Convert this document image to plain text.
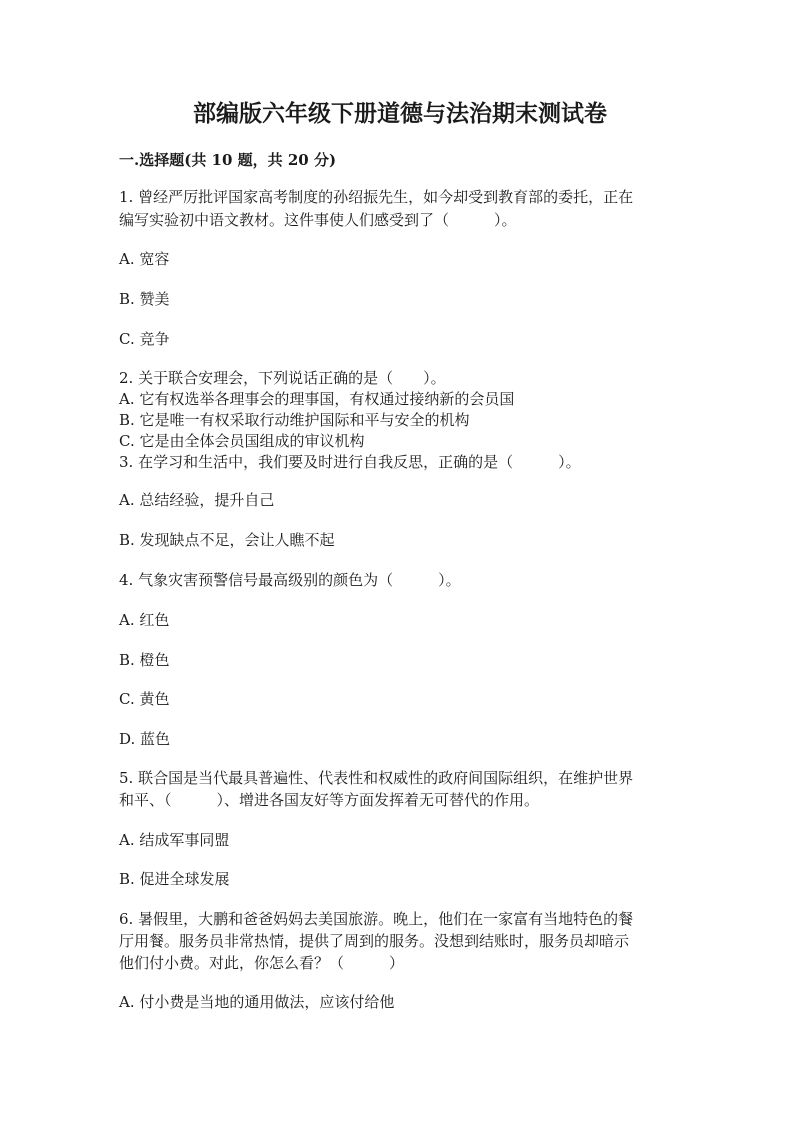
部编版六年级下册道德与法治期末测试卷
一.选择题(共 10 题，共 20 分)
1. 曾经严厉批评国家高考制度的孙绍振先生，如今却受到教育部的委托，正在
编写实验初中语文教材。这件事使人们感受到了（　　　）。
A. 宽容
B. 赞美
C. 竞争
2. 关于联合安理会，下列说话正确的是（　　）。
A. 它有权选举各理事会的理事国，有权通过接纳新的会员国
B. 它是唯一有权采取行动维护国际和平与安全的机构
C. 它是由全体会员国组成的审议机构
3. 在学习和生活中，我们要及时进行自我反思，正确的是（　　　）。
A. 总结经验，提升自己
B. 发现缺点不足，会让人瞧不起
4. 气象灾害预警信号最高级别的颜色为（　　　）。
A. 红色
B. 橙色
C. 黄色
D. 蓝色
5. 联合国是当代最具普遍性、代表性和权威性的政府间国际组织，在维护世界
和平、（　　　）、增进各国友好等方面发挥着无可替代的作用。
A. 结成军事同盟
B. 促进全球发展
6. 暑假里，大鹏和爸爸妈妈去美国旅游。晚上，他们在一家富有当地特色的餐
厅用餐。服务员非常热情，提供了周到的服务。没想到结账时，服务员却暗示
他们付小费。对此，你怎么看？（　　　）
A. 付小费是当地的通用做法，应该付给他
